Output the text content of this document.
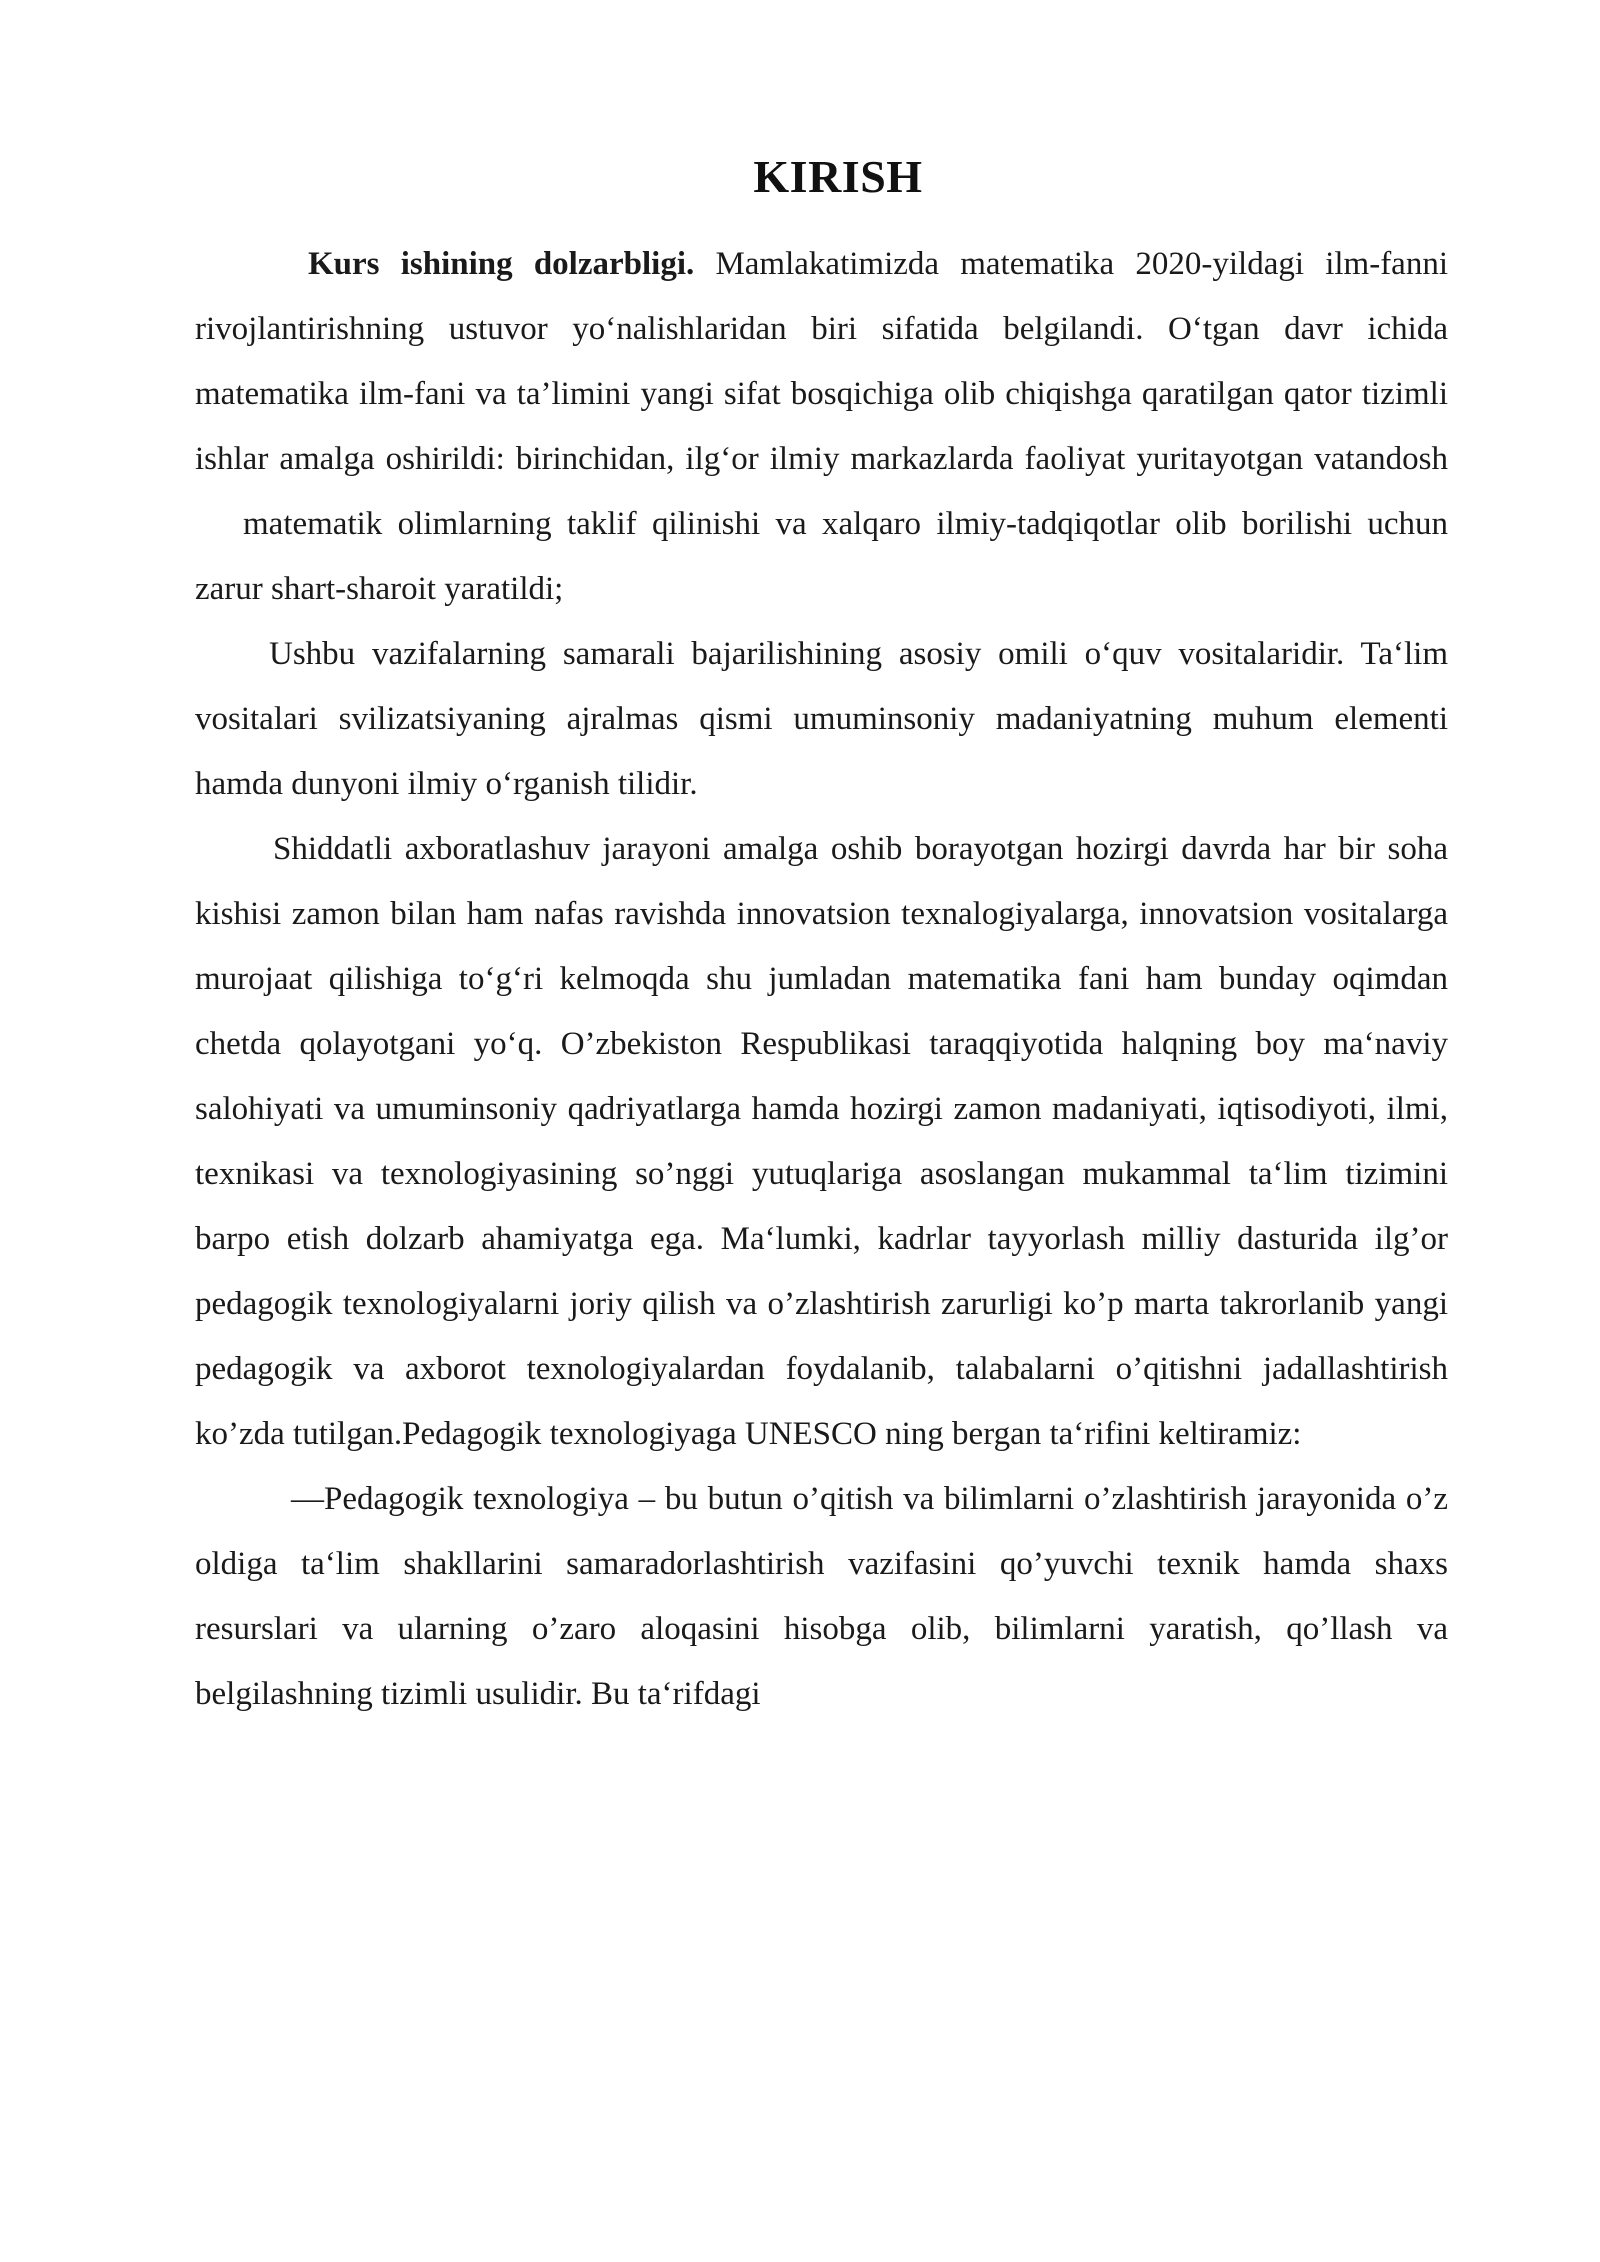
KIRISH

Kurs ishining dolzarbligi. Mamlakatimizda matematika 2020-yildagi ilm-fanni rivojlantirishning ustuvor yo‘nalishlaridan biri sifatida belgilandi. O‘tgan davr ichida matematika ilm-fani va ta’limini yangi sifat bosqichiga olib chiqishga qaratilgan qator tizimli ishlar amalga oshirildi: birinchidan, ilg‘or ilmiy markazlarda faoliyat yuritayotgan vatandoshmatematik olimlarning taklif qilinishi va xalqaro ilmiy-tadqiqotlar olib borilishi uchun zarur shart-sharoit yaratildi;

Ushbu vazifalarning samarali bajarilishining asosiy omili o‘quv vositalaridir. Ta‘lim vositalari svilizatsiyaning ajralmas qismi umuminsoniy madaniyatning muhum elementi hamda dunyoni ilmiy o‘rganish tilidir.

Shiddatli axboratlashuv jarayoni amalga oshib borayotgan hozirgi davrda har bir soha kishisi zamon bilan ham nafas ravishda innovatsion texnalogiyalarga, innovatsion vositalarga murojaat qilishiga to‘g‘ri kelmoqda shu jumladan matematika fani ham bunday oqimdan chetda qolayotgani yo‘q. O’zbekiston Respublikasi taraqqiyotida halqning boy ma‘naviy salohiyati va umuminsoniy qadriyatlarga hamda hozirgi zamon madaniyati, iqtisodiyoti, ilmi, texnikasi va texnologiyasining so’nggi yutuqlariga asoslangan mukammal ta‘lim tizimini barpo etish dolzarb ahamiyatga ega. Ma‘lumki, kadrlar tayyorlash milliy dasturida ilg’or pedagogik texnologiyalarni joriy qilish va o’zlashtirish zarurligi ko’p marta takrorlanib yangi pedagogik va axborot texnologiyalardan foydalanib, talabalarni o’qitishni jadallashtirish ko’zda tutilgan.Pedagogik texnologiyaga UNESCO ning bergan ta‘rifini keltiramiz:

―Pedagogik texnologiya – bu butun o’qitish va bilimlarni o’zlashtirish jarayonida o’z oldiga ta‘lim shakllarini samaradorlashtirish vazifasini qo’yuvchi texnik hamda shaxs resurslari va ularning o’zaro aloqasini hisobga olib, bilimlarni yaratish, qo’llash va belgilashning tizimli usulidir. Bu ta‘rifdagi
